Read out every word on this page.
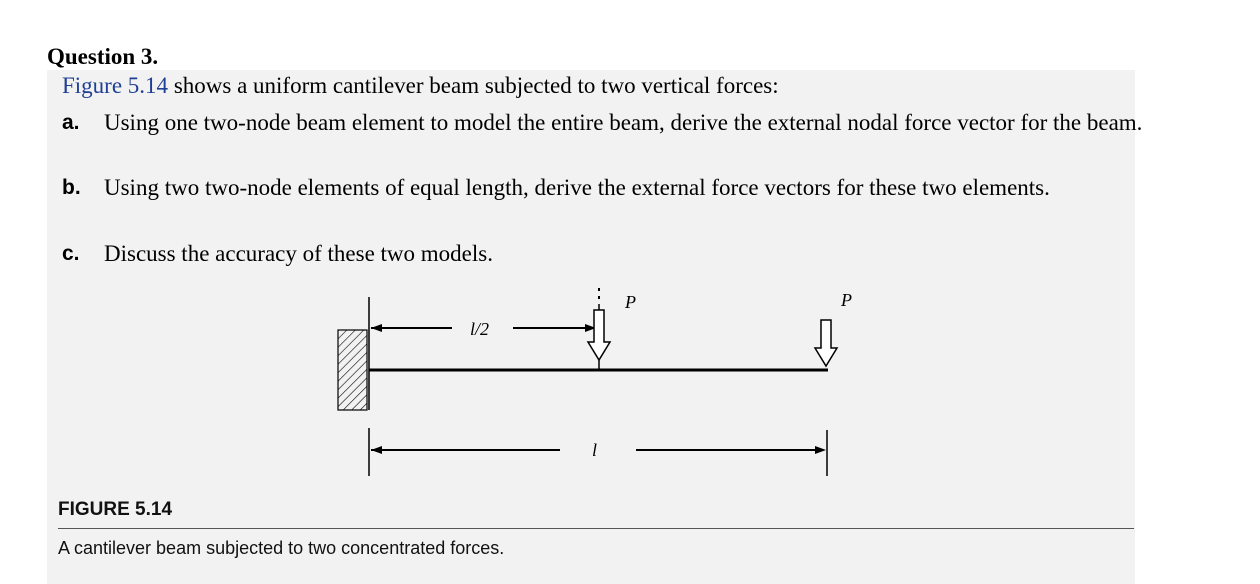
Question 3.
Figure 5.14 shows a uniform cantilever beam subjected to two vertical forces:
a. Using one two-node beam element to model the entire beam, derive the external nodal force vector for the beam.
b. Using two two-node elements of equal length, derive the external force vectors for these two elements.
c. Discuss the accuracy of these two models.
l/2
P	P
l
FIGURE 5.14
A cantilever beam subjected to two concentrated forces.
